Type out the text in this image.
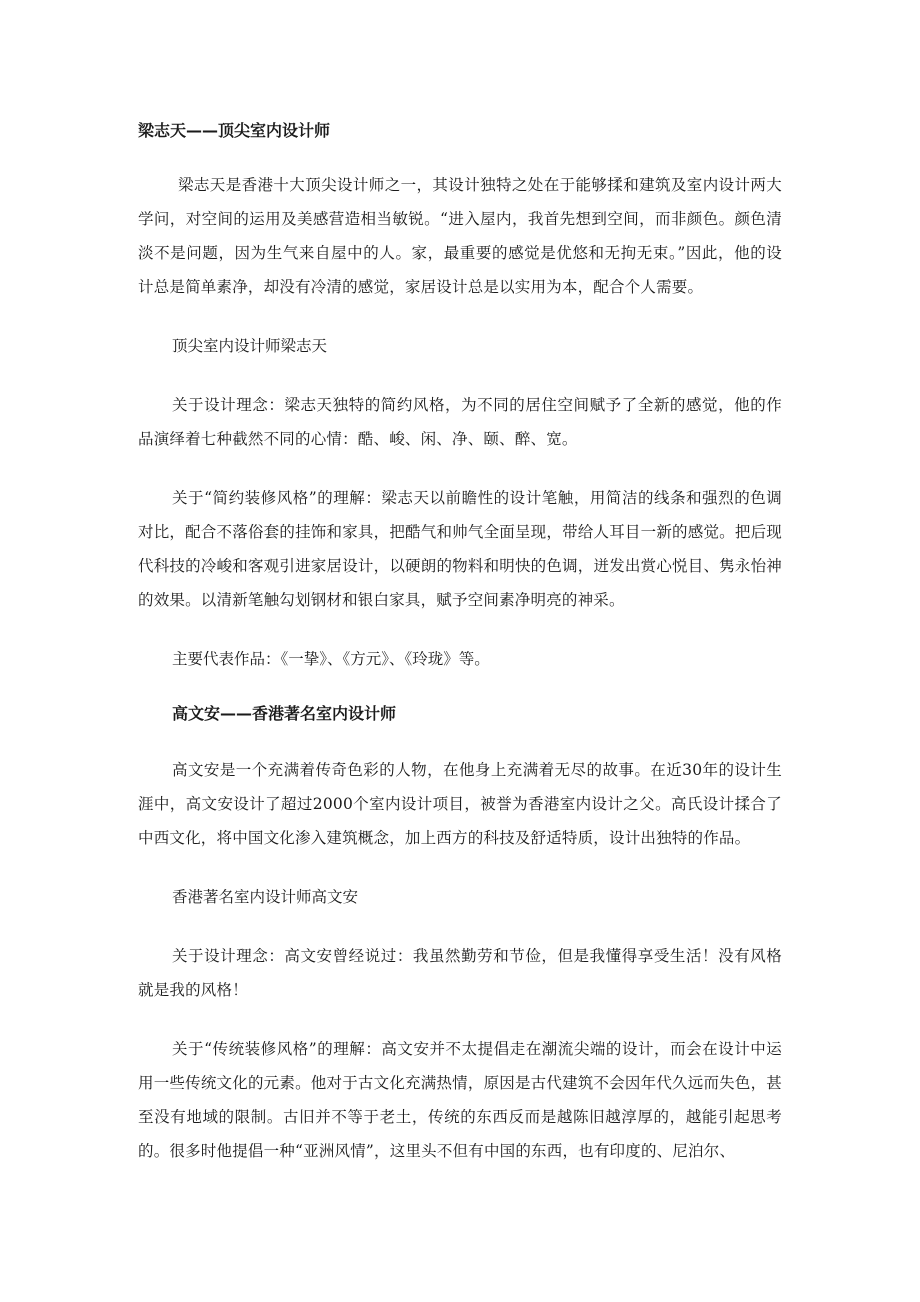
梁志天——顶尖室内设计师

梁志天是香港十大顶尖设计师之一，其设计独特之处在于能够揉和建筑及室内设计两大学问，对空间的运用及美感营造相当敏锐。“进入屋内，我首先想到空间，而非颜色。颜色清淡不是问题，因为生气来自屋中的人。家，最重要的感觉是优悠和无拘无束。”因此，他的设计总是简单素净，却没有冷清的感觉，家居设计总是以实用为本，配合个人需要。

顶尖室内设计师梁志天

关于设计理念：梁志天独特的简约风格，为不同的居住空间赋予了全新的感觉，他的作品演绎着七种截然不同的心情：酷、峻、闲、净、颐、醉、宽。

关于“简约装修风格”的理解：梁志天以前瞻性的设计笔触，用简洁的线条和强烈的色调对比，配合不落俗套的挂饰和家具，把酷气和帅气全面呈现，带给人耳目一新的感觉。把后现代科技的冷峻和客观引进家居设计，以硬朗的物料和明快的色调，迸发出赏心悦目、隽永怡神的效果。以清新笔触勾划钢材和银白家具，赋予空间素净明亮的神采。

主要代表作品：《一挚》、《方元》、《玲珑》等。

高文安——香港著名室内设计师

高文安是一个充满着传奇色彩的人物，在他身上充满着无尽的故事。在近30年的设计生涯中，高文安设计了超过2000个室内设计项目，被誉为香港室内设计之父。高氏设计揉合了中西文化，将中国文化渗入建筑概念，加上西方的科技及舒适特质，设计出独特的作品。

香港著名室内设计师高文安

关于设计理念：高文安曾经说过：我虽然勤劳和节俭，但是我懂得享受生活！没有风格就是我的风格！

关于“传统装修风格”的理解：高文安并不太提倡走在潮流尖端的设计，而会在设计中运用一些传统文化的元素。他对于古文化充满热情，原因是古代建筑不会因年代久远而失色，甚至没有地域的限制。古旧并不等于老土，传统的东西反而是越陈旧越淳厚的，越能引起思考的。很多时他提倡一种“亚洲风情”，这里头不但有中国的东西，也有印度的、尼泊尔、
